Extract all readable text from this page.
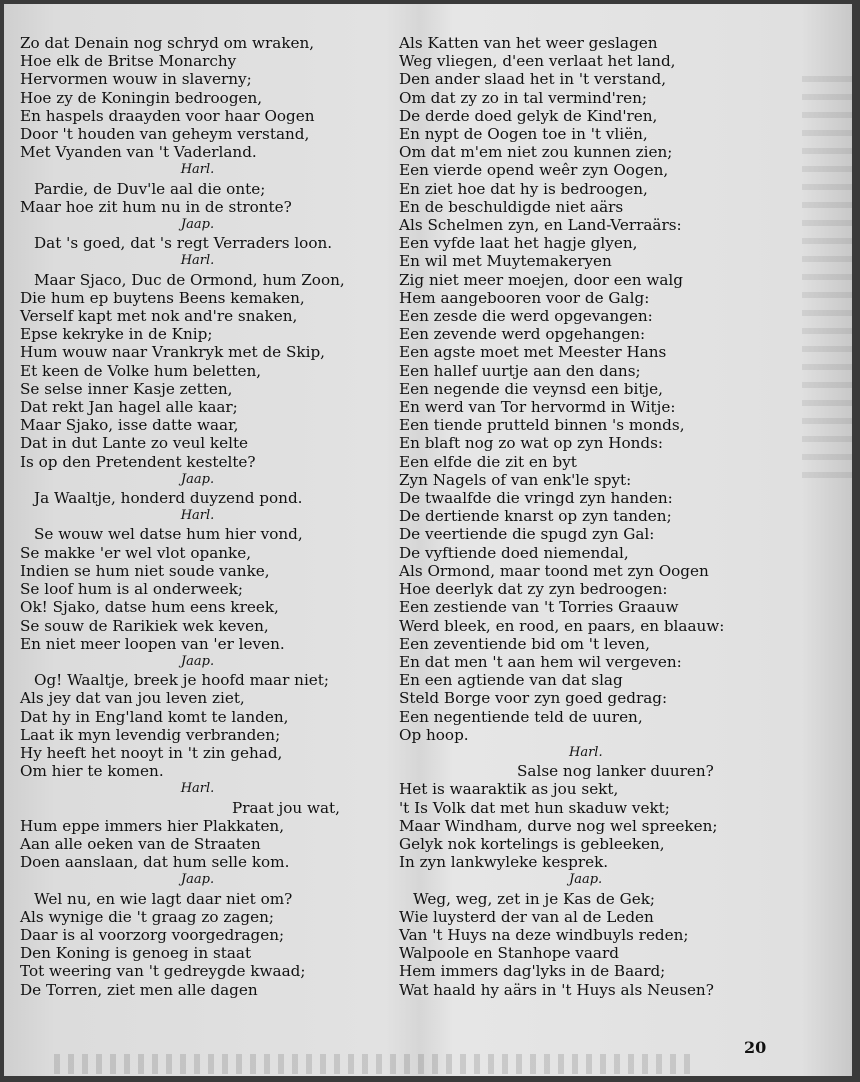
Zo dat Denain nog schryd om wraken,
Hoe elk de Britse Monarchy
Hervormen wouw in slaverny;
Hoe zy de Koningin bedroogen,
En haspels draayden voor haar Oogen
Door 't houden van geheym verstand,
Met Vyanden van 't Vaderland.
Harl.
Pardie, de Duv'le aal die onte;
Maar hoe zit hum nu in de stronte?
Jaap.
Dat 's goed, dat 's regt Verraders loon.
Harl.
Maar Sjaco, Duc de Ormond, hum Zoon,
Die hum ep buytens Beens kemaken,
Verself kapt met nok and're snaken,
Epse kekryke in de Knip;
Hum wouw naar Vrankryk met de Skip,
Et keen de Volke hum beletten,
Se selse inner Kasje zetten,
Dat rekt Jan hagel alle kaar;
Maar Sjako, isse datte waar,
Dat in dut Lante zo veul kelte
Is op den Pretendent kestelte?
Jaap.
Ja Waaltje, honderd duyzend pond.
Harl.
Se wouw wel datse hum hier vond,
Se makke 'er wel vlot opanke,
Indien se hum niet soude vanke,
Se loof hum is al onderweek;
Ok! Sjako, datse hum eens kreek,
Se souw de Rarikiek wek keven,
En niet meer loopen van 'er leven.
Jaap.
Og! Waaltje, breek je hoofd maar niet;
Als jey dat van jou leven ziet,
Dat hy in Eng'land komt te landen,
Laat ik myn levendig verbranden;
Hy heeft het nooyt in 't zin gehad,
Om hier te komen.
Harl.
Praat jou wat,
Hum eppe immers hier Plakkaten,
Aan alle oeken van de Straaten
Doen aanslaan, dat hum selle kom.
Jaap.
Wel nu, en wie lagt daar niet om?
Als wynige die 't graag zo zagen;
Daar is al voorzorg voorgedragen;
Den Koning is genoeg in staat
Tot weering van 't gedreygde kwaad;
De Torren, ziet men alle dagen
Als Katten van het weer geslagen
Weg vliegen, d'een verlaat het land,
Den ander slaad het in 't verstand,
Om dat zy zo in tal vermind'ren;
De derde doed gelyk de Kind'ren,
En nypt de Oogen toe in 't vliën,
Om dat m'em niet zou kunnen zien;
Een vierde opend weêr zyn Oogen,
En ziet hoe dat hy is bedroogen,
En de beschuldigde niet aärs
Als Schelmen zyn, en Land-Verraärs:
Een vyfde laat het hagje glyen,
En wil met Muytemakeryen
Zig niet meer moejen, door een walg
Hem aangebooren voor de Galg:
Een zesde die werd opgevangen:
Een zevende werd opgehangen:
Een agste moet met Meester Hans
Een hallef uurtje aan den dans;
Een negende die veynsd een bitje,
En werd van Tor hervormd in Witje:
Een tiende prutteld binnen 's monds,
En blaft nog zo wat op zyn Honds:
Een elfde die zit en byt
Zyn Nagels of van enk'le spyt:
De twaalfde die vringd zyn handen:
De dertiende knarst op zyn tanden;
De veertiende die spugd zyn Gal:
De vyftiende doed niemendal,
Als Ormond, maar toond met zyn Oogen
Hoe deerlyk dat zy zyn bedroogen:
Een zestiende van 't Torries Graauw
Werd bleek, en rood, en paars, en blaauw:
Een zeventiende bid om 't leven,
En dat men 't aan hem wil vergeven:
En een agtiende van dat slag
Steld Borge voor zyn goed gedrag:
Een negentiende teld de uuren,
Op hoop.
Harl.
Salse nog lanker duuren?
Het is waaraktik as jou sekt,
't Is Volk dat met hun skaduw vekt;
Maar Windham, durve nog wel spreeken;
Gelyk nok kortelings is gebleeken,
In zyn lankwyleke kesprek.
Jaap.
Weg, weg, zet in je Kas de Gek;
Wie luysterd der van al de Leden
Van 't Huys na deze windbuyls reden;
Walpoole en Stanhope vaard
Hem immers dag'lyks in de Baard;
Wat haald hy aärs in 't Huys als Neusen?
20
